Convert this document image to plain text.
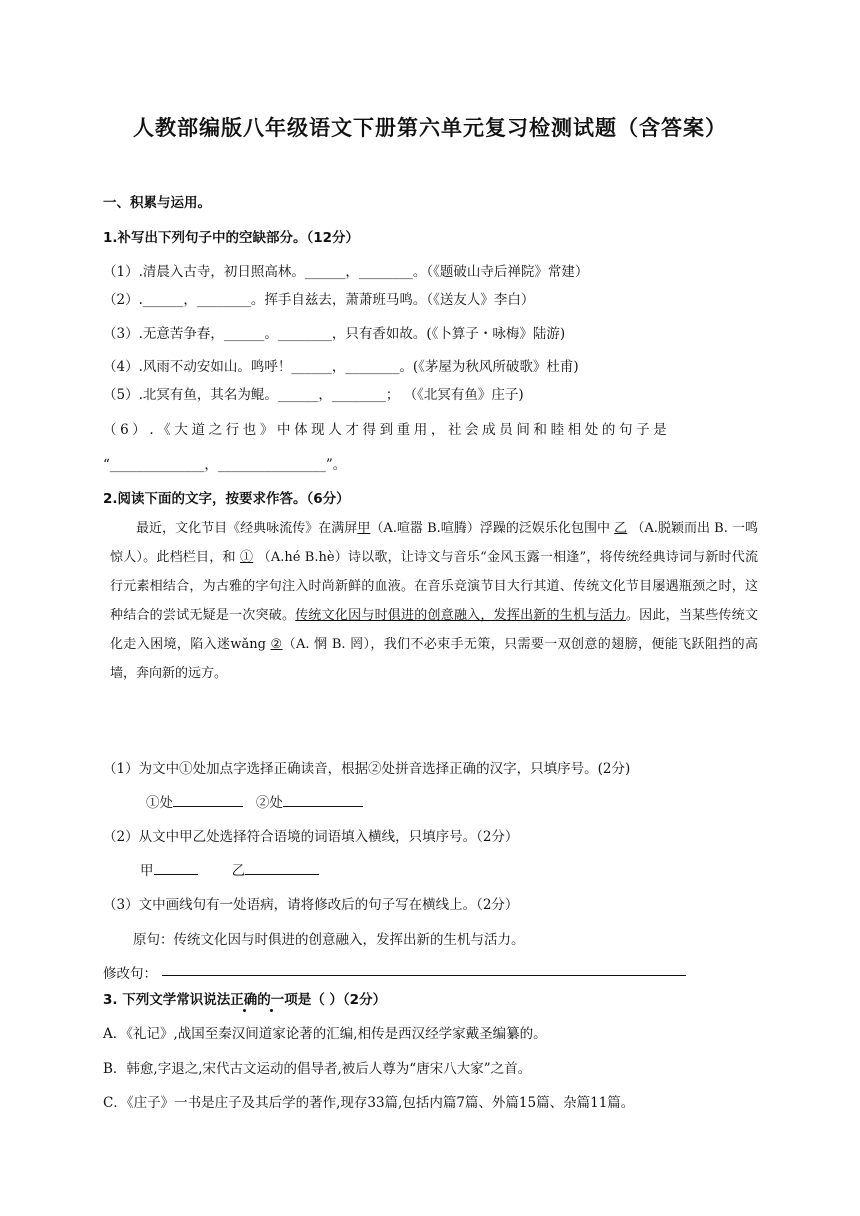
人教部编版八年级语文下册第六单元复习检测试题（含答案）
一、积累与运用。
1.补写出下列句子中的空缺部分。（12分）
（1）.清晨入古寺，初日照高林。______，________。（《题破山寺后禅院》常建）
（2）.______，________。挥手自兹去，萧萧班马鸣。（《送友人》李白）
（3）.无意苦争春，______。________，只有香如故。(《卜算子・咏梅》陆游)
（4）.风雨不动安如山。鸣呼！______，________。(《茅屋为秋风所破歌》杜甫)
（5）.北冥有鱼，其名为鲲。______，________； （《北冥有鱼》庄子)
（6）.《大道之行也》中体现人才得到重用，社会成员间和睦相处的句子是
“______________，________________”。
2.阅读下面的文字，按要求作答。（6分）
最近，文化节目《经典咏流传》在满屏甲（A.喧嚣 B.喧腾）浮躁的泛娱乐化包围中 乙 （A.脱颖而出 B. 一鸣惊人）。此档栏目，和 ① （A.hé B.hè）诗以歌，让诗文与音乐“金风玉露一相逢”，将传统经典诗词与新时代流行元素相结合，为古雅的字句注入时尚新鲜的血液。在音乐竞演节目大行其道、传统文化节目屡遇瓶颈之时，这种结合的尝试无疑是一次突破。传统文化因与时俱进的创意融入，发挥出新的生机与活力。因此，当某些传统文化走入困境，陷入迷wǎng ②（A. 惘 B. 罔），我们不必束手无策，只需要一双创意的翅膀，便能飞跃阻挡的高墙，奔向新的远方。
（1）为文中①处加点字选择正确读音，根据②处拼音选择正确的汉字，只填序号。(2分)
①处	②处
（2）从文中甲乙处选择符合语境的词语填入横线，只填序号。（2分）
甲	乙
（3）文中画线句有一处语病，请将修改后的句子写在横线上。（2分）
原句：传统文化因与时俱进的创意融入，发挥出新的生机与活力。
修改句：
3. 下列文学常识说法正确的一项是（ ）（2分）
A．《礼记》,战国至秦汉间道家论著的汇编,相传是西汉经学家戴圣编纂的。
B．韩愈,字退之,宋代古文运动的倡导者,被后人尊为“唐宋八大家”之首。
C．《庄子》一书是庄子及其后学的著作,现存33篇,包括内篇7篇、外篇15篇、杂篇11篇。
